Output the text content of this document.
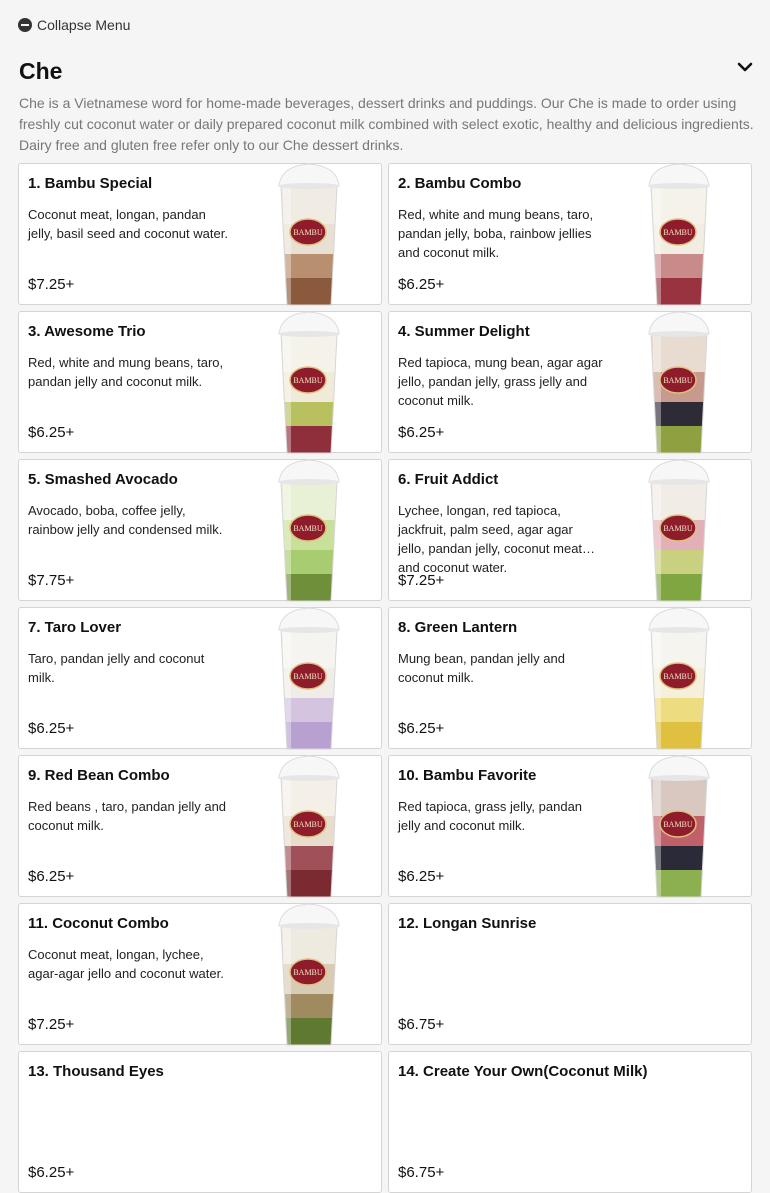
Collapse Menu
Che
Che is a Vietnamese word for home-made beverages, dessert drinks and puddings. Our Che is made to order using freshly cut coconut water or daily prepared coconut milk combined with select exotic, healthy and delicious ingredients. Dairy free and gluten free refer only to our Che dessert drinks.
1. Bambu Special
Coconut meat, longan, pandan jelly, basil seed and coconut water.
$7.25+
BAMBU
2. Bambu Combo
Red, white and mung beans, taro, pandan jelly, boba, rainbow jellies and coconut milk.
$6.25+
BAMBU
3. Awesome Trio
Red, white and mung beans, taro, pandan jelly and coconut milk.
$6.25+
BAMBU
4. Summer Delight
Red tapioca, mung bean, agar agar jello, pandan jelly, grass jelly and coconut milk.
$6.25+
BAMBU
5. Smashed Avocado
Avocado, boba, coffee jelly, rainbow jelly and condensed milk.
$7.75+
BAMBU
6. Fruit Addict
Lychee, longan, red tapioca, jackfruit, palm seed, agar agar jello, pandan jelly, coconut meat and coconut water.
$7.25+
BAMBU
7. Taro Lover
Taro, pandan jelly and coconut milk.
$6.25+
BAMBU
8. Green Lantern
Mung bean, pandan jelly and coconut milk.
$6.25+
BAMBU
9. Red Bean Combo
Red beans , taro, pandan jelly and coconut milk.
$6.25+
BAMBU
10. Bambu Favorite
Red tapioca, grass jelly, pandan jelly and coconut milk.
$6.25+
BAMBU
11. Coconut Combo
Coconut meat, longan, lychee, agar-agar jello and coconut water.
$7.25+
BAMBU
12. Longan Sunrise
$6.75+
13. Thousand Eyes
$6.25+
14. Create Your Own(Coconut Milk)
$6.75+
